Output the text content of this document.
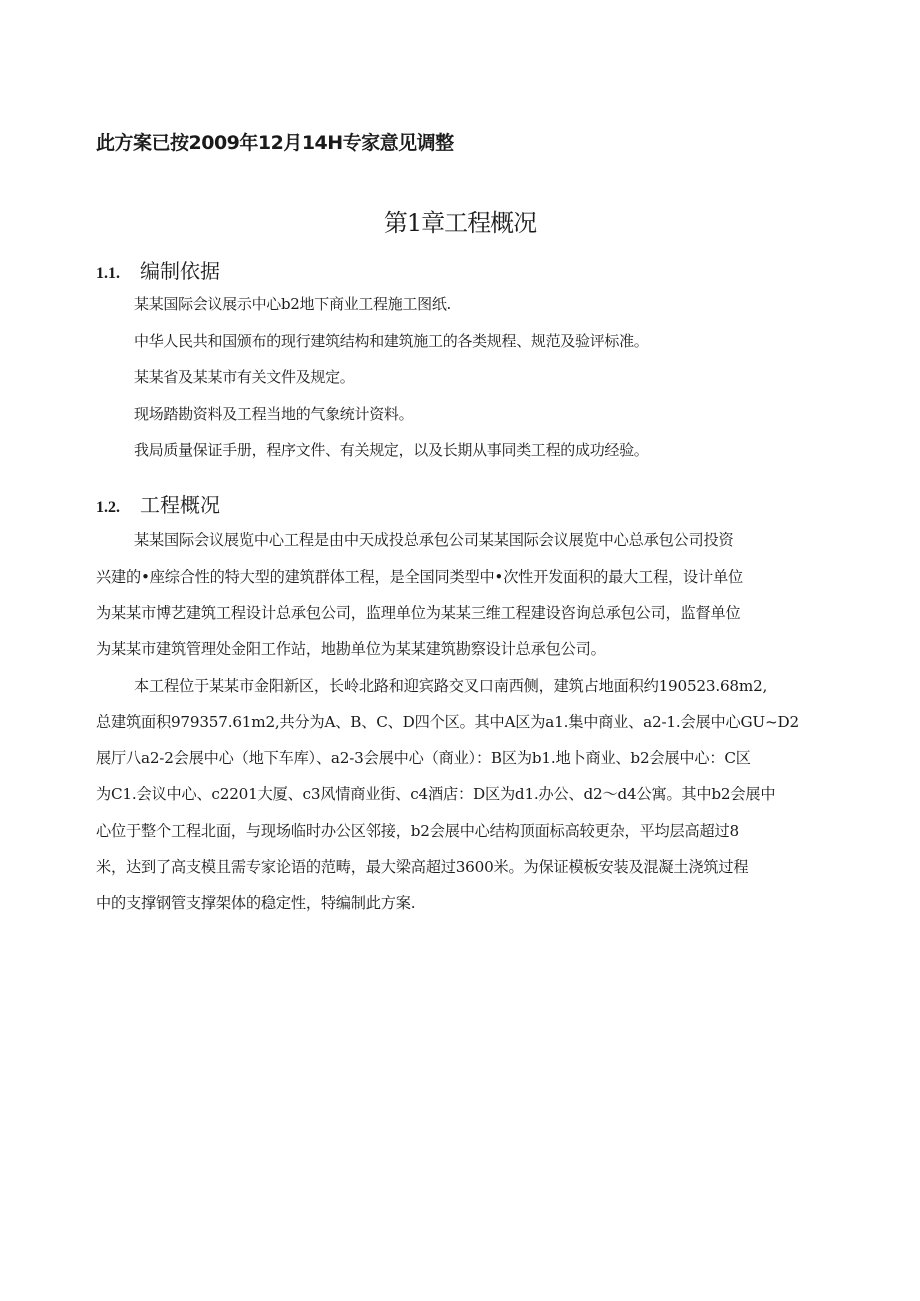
此方案已按2009年12月14H专家意见调整
第1章工程概况
1.1. 编制依据
某某国际会议展示中心b2地下商业工程施工图纸.
中华人民共和国颁布的现行建筑结构和建筑施工的各类规程、规范及验评标准。
某某省及某某市有关文件及规定。
现场踏勘资料及工程当地的气象统计资料。
我局质量保证手册，程序文件、有关规定，以及长期从事同类工程的成功经验。
1.2. 工程概况
某某国际会议展览中心工程是由中天成投总承包公司某某国际会议展览中心总承包公司投资
兴建的•座综合性的特大型的建筑群体工程，是全国同类型中•次性开发面积的最大工程，设计单位
为某某市博艺建筑工程设计总承包公司，监理单位为某某三维工程建设咨询总承包公司，监督单位
为某某市建筑管理处金阳工作站，地勘单位为某某建筑勘察设计总承包公司。
本工程位于某某市金阳新区，长岭北路和迎宾路交叉口南西侧，建筑占地面积约190523.68m2,
总建筑面积979357.61m2,共分为A、B、C、D四个区。其中A区为a1.集中商业、a2-1.会展中心GU~D2
展厅八a2-2会展中心（地下车库）、a2-3会展中心（商业）：B区为b1.地卜商业、b2会展中心：C区
为C1.会议中心、c2201大厦、c3风情商业街、c4酒店：D区为d1.办公、d2～d4公寓。其中b2会展中
心位于整个工程北面，与现场临时办公区邻接，b2会展中心结构顶面标高较更杂，平均层高超过8
米，达到了高支模且需专家论语的范畴，最大梁高超过3600米。为保证模板安装及混凝土浇筑过程
中的支撑钢管支撑架体的稳定性，特编制此方案.
